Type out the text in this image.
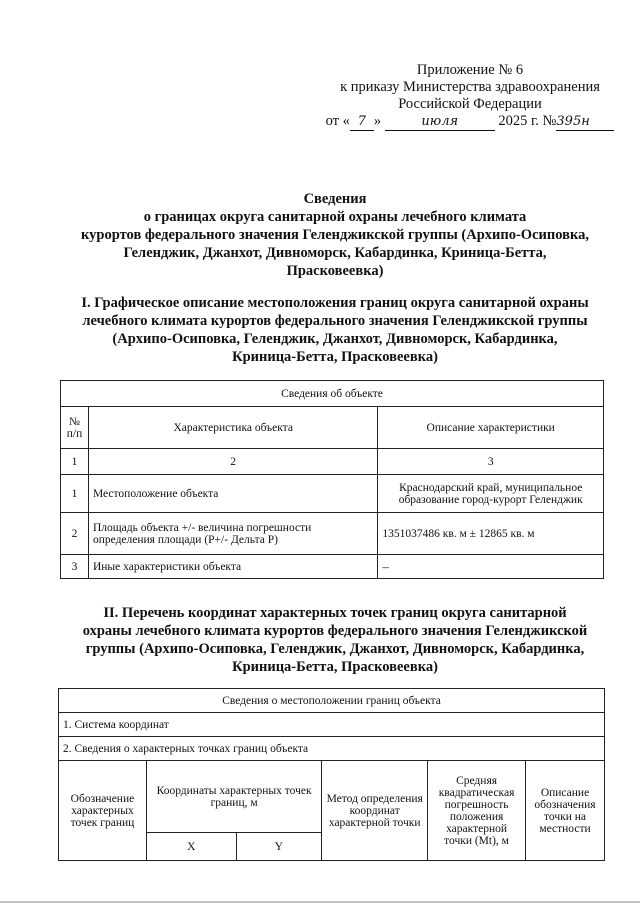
Приложение № 6
к приказу Министерства здравоохранения
Российской Федерации
от « 7 »	июля	2025 г. №395н
Сведения
о границах округа санитарной охраны лечебного климата
курортов федерального значения Геленджикской группы (Архипо-Осиповка,
Геленджик, Джанхот, Дивноморск, Кабардинка, Криница-Бетта,
Прасковеевка)
I. Графическое описание местоположения границ округа санитарной охраны
лечебного климата курортов федерального значения Геленджикской группы
(Архипо-Осиповка, Геленджик, Джанхот, Дивноморск, Кабардинка,
Криница-Бетта, Прасковеевка)
Сведения об объекте		
№ п/п	Характеристика объекта	Описание характеристики
1	2	3
1	Местоположение объекта	Краснодарский край, муниципальное образование город-курорт Геленджик
2	Площадь объекта +/- величина погрешности определения площади (P+/- Дельта P)	1351037486 кв. м ± 12865 кв. м
3	Иные характеристики объекта	–
II. Перечень координат характерных точек границ округа санитарной
охраны лечебного климата курортов федерального значения Геленджикской
группы (Архипо-Осиповка, Геленджик, Джанхот, Дивноморск, Кабардинка,
Криница-Бетта, Прасковеевка)
Сведения о местоположении границ объекта					
1. Система координат					
2. Сведения о характерных точках границ объекта					
Обозначение характерных точек границ	Координаты характерных точек границ, м		Метод определения координат характерной точки	Средняя квадратическая погрешность положения характерной точки (Mt), м	Описание обозначения точки на местности
	X	Y			
